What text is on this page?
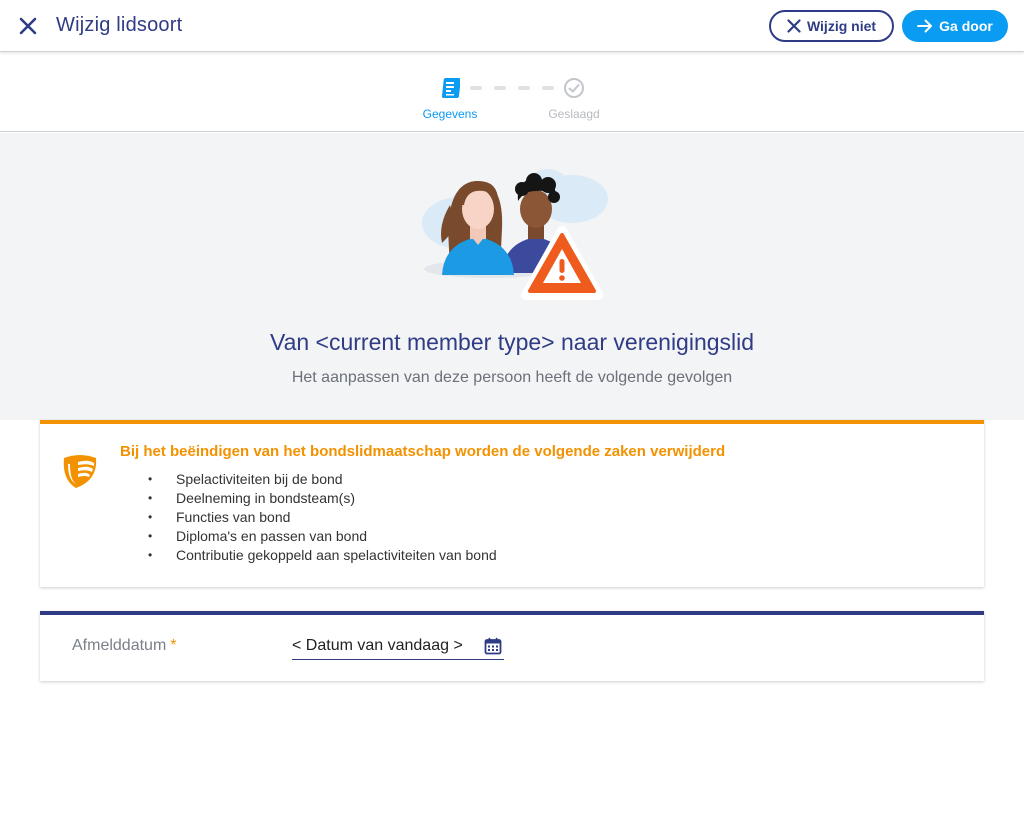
Wijzig lidsoort	Wijzig niet	Ga door
Gegevens	Geslaagd
Van <current member type> naar verenigingslid
Het aanpassen van deze persoon heeft de volgende gevolgen
Bij het beëindigen van het bondslidmaatschap worden de volgende zaken verwijderd
• Spelactiviteiten bij de bond
• Deelneming in bondsteam(s)
• Functies van bond
• Diploma's en passen van bond
• Contributie gekoppeld aan spelactiviteiten van bond
Afmelddatum *	< Datum van vandaag >
